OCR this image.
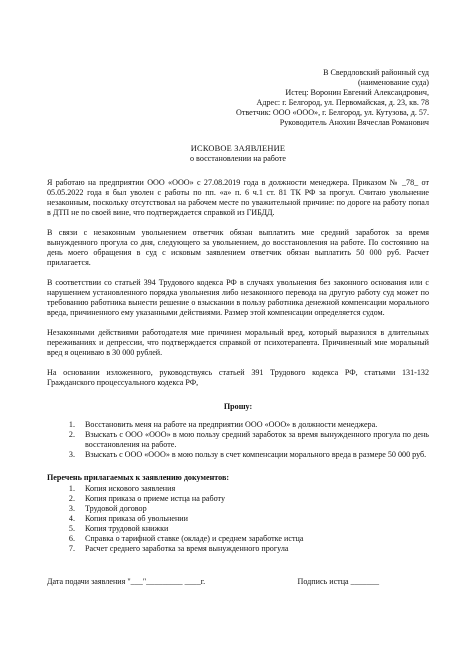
В Свердловский районный суд
(наименование суда)
Истец: Воронин Евгений Александрович,
Адрес: г. Белгород, ул. Первомайская, д. 23, кв. 78
Ответчик: ООО «ООО», г. Белгород, ул. Кутузова, д. 57.
Руководитель Анохин Вячеслав Романович
ИСКОВОЕ ЗАЯВЛЕНИЕ
о восстановлении на работе

Я работаю на предприятии ООО «ООО» с 27.08.2019 года в должности менеджера. Приказом № _78_ от 05.05.2022 года я был уволен с работы по пп. «а» п. 6 ч.1 ст. 81 ТК РФ за прогул. Считаю увольнение незаконным, поскольку отсутствовал на рабочем месте по уважительной причине: по дороге на работу попал в ДТП не по своей вине, что подтверждается справкой из ГИБДД.

В связи с незаконным увольнением ответчик обязан выплатить мне средний заработок за время вынужденного прогула со дня, следующего за увольнением, до восстановления на работе. По состоянию на день моего обращения в суд с исковым заявлением ответчик обязан выплатить 50 000 руб. Расчет прилагается.

В соответствии со статьей 394 Трудового кодекса РФ в случаях увольнения без законного основания или с нарушением установленного порядка увольнения либо незаконного перевода на другую работу суд может по требованию работника вынести решение о взыскании в пользу работника денежной компенсации морального вреда, причиненного ему указанными действиями. Размер этой компенсации определяется судом.

Незаконными действиями работодателя мне причинен моральный вред, который выразился в длительных переживаниях и депрессии, что подтверждается справкой от психотерапевта. Причиненный мне моральный вред я оцениваю в 30 000 рублей.

На основании изложенного, руководствуясь статьей 391 Трудового кодекса РФ, статьями 131-132 Гражданского процессуального кодекса РФ,

Прошу:
1. Восстановить меня на работе на предприятии ООО «ООО» в должности менеджера.
2. Взыскать с ООО «ООО» в мою пользу средний заработок за время вынужденного прогула по день восстановления на работе.
3. Взыскать с ООО «ООО» в мою пользу в счет компенсации морального вреда в размере 50 000 руб.
Перечень прилагаемых к заявлению документов:
1. Копия искового заявления
2. Копия приказа о приеме истца на работу
3. Трудовой договор
4. Копия приказа об увольнении
5. Копия трудовой книжки
6. Справка о тарифной ставке (окладе) и среднем заработке истца
7. Расчет среднего заработка за время вынужденного прогула
Дата подачи заявления "___"_________ ____г.	Подпись истца _______
